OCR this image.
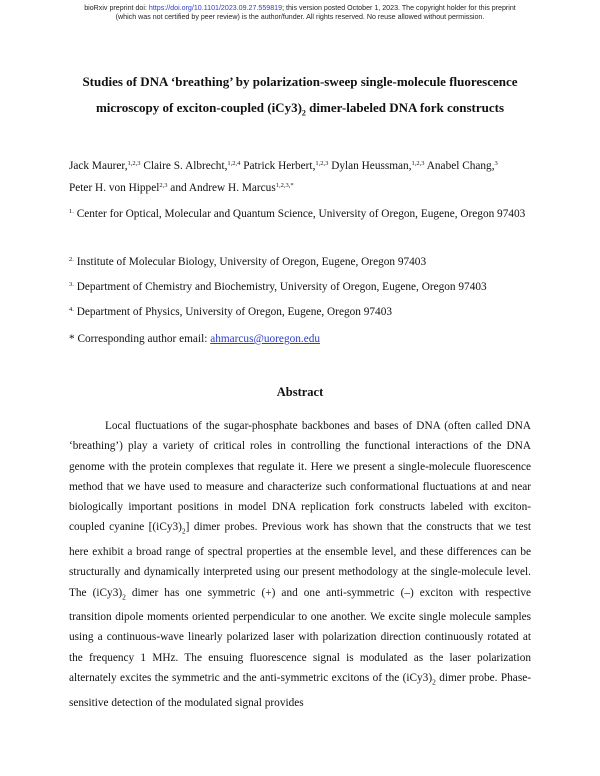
bioRxiv preprint doi: https://doi.org/10.1101/2023.09.27.559819; this version posted October 1, 2023. The copyright holder for this preprint
(which was not certified by peer review) is the author/funder. All rights reserved. No reuse allowed without permission.
Studies of DNA ‘breathing’ by polarization-sweep single-molecule fluorescence
microscopy of exciton-coupled $(iCy3)_2$ dimer-labeled DNA fork constructs
Jack Maurer,$^{1,2,3}$ Claire S. Albrecht,$^{1,2,4}$ Patrick Herbert,$^{1,2,3}$ Dylan Heussman,$^{1,2,3}$ Anabel Chang,$^3$
Peter H. von Hippel$^{2,3}$ and Andrew H. Marcus$^{1,2,3,*}$
$^{1.}$ Center for Optical, Molecular and Quantum Science, University of Oregon, Eugene, Oregon 97403
$^{2.}$ Institute of Molecular Biology, University of Oregon, Eugene, Oregon 97403
$^{3.}$ Department of Chemistry and Biochemistry, University of Oregon, Eugene, Oregon 97403
$^{4.}$ Department of Physics, University of Oregon, Eugene, Oregon 97403
* Corresponding author email: ahmarcus@uoregon.edu
Abstract

Local fluctuations of the sugar-phosphate backbones and bases of DNA (often called DNA ‘breathing’) play a variety of critical roles in controlling the functional interactions of the DNA genome with the protein complexes that regulate it. Here we present a single-molecule fluorescence method that we have used to measure and characterize such conformational fluctuations at and near biologically important positions in model DNA replication fork constructs labeled with exciton-coupled cyanine $[(iCy3)_2]$ dimer probes. Previous work has shown that the constructs that we test here exhibit a broad range of spectral properties at the ensemble level, and these differences can be structurally and dynamically interpreted using our present methodology at the single-molecule level. The $(iCy3)_2$ dimer has one symmetric (+) and one anti-symmetric (–) exciton with respective transition dipole moments oriented perpendicular to one another. We excite single molecule samples using a continuous-wave linearly polarized laser with polarization direction continuously rotated at the frequency 1 MHz. The ensuing fluorescence signal is modulated as the laser polarization alternately excites the symmetric and the anti-symmetric excitons of the $(iCy3)_2$ dimer probe. Phase-sensitive detection of the modulated signal provides
